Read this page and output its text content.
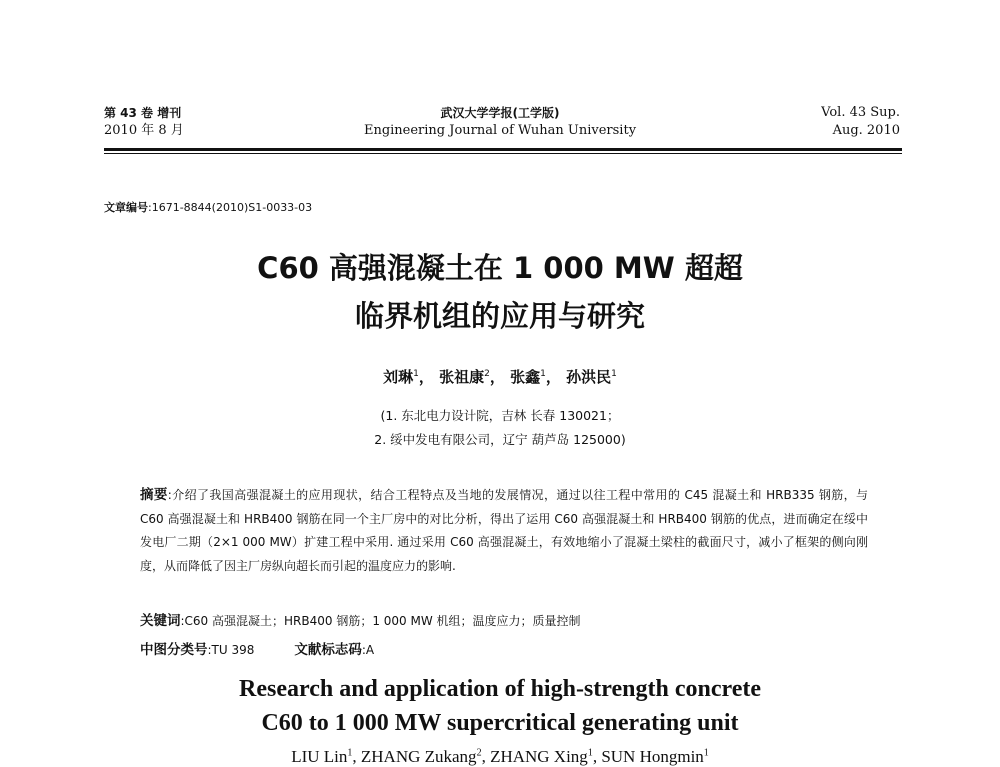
第 43 卷 增刊
2010 年 8 月
武汉大学学报(工学版)
Engineering Journal of Wuhan University
Vol. 43 Sup.
Aug. 2010
文章编号:1671-8844(2010)S1-0033-03
C60 高强混凝土在 1 000 MW 超超
临界机组的应用与研究
刘琳$^1$， 张祖康$^2$， 张鑫$^1$， 孙洪民$^1$
(1. 东北电力设计院，吉林 长春 130021；
2. 绥中发电有限公司，辽宁 葫芦岛 125000)
摘要:介绍了我国高强混凝土的应用现状，结合工程特点及当地的发展情况，通过以往工程中常用的 C45 混凝土和 HRB335 钢筋，与 C60 高强混凝土和 HRB400 钢筋在同一个主厂房中的对比分析，得出了运用 C60 高强混凝土和 HRB400 钢筋的优点，进而确定在绥中发电厂二期（2×1 000 MW）扩建工程中采用. 通过采用 C60 高强混凝土，有效地缩小了混凝土梁柱的截面尺寸，减小了框架的侧向刚度，从而降低了因主厂房纵向超长而引起的温度应力的影响.
关键词:C60 高强混凝土；HRB400 钢筋；1 000 MW 机组；温度应力；质量控制
中图分类号:TU 398	文献标志码:A
Research and application of high-strength concrete
C60 to 1 000 MW supercritical generating unit
LIU Lin$^1$, ZHANG Zukang$^2$, ZHANG Xing$^1$, SUN Hongmin$^1$
